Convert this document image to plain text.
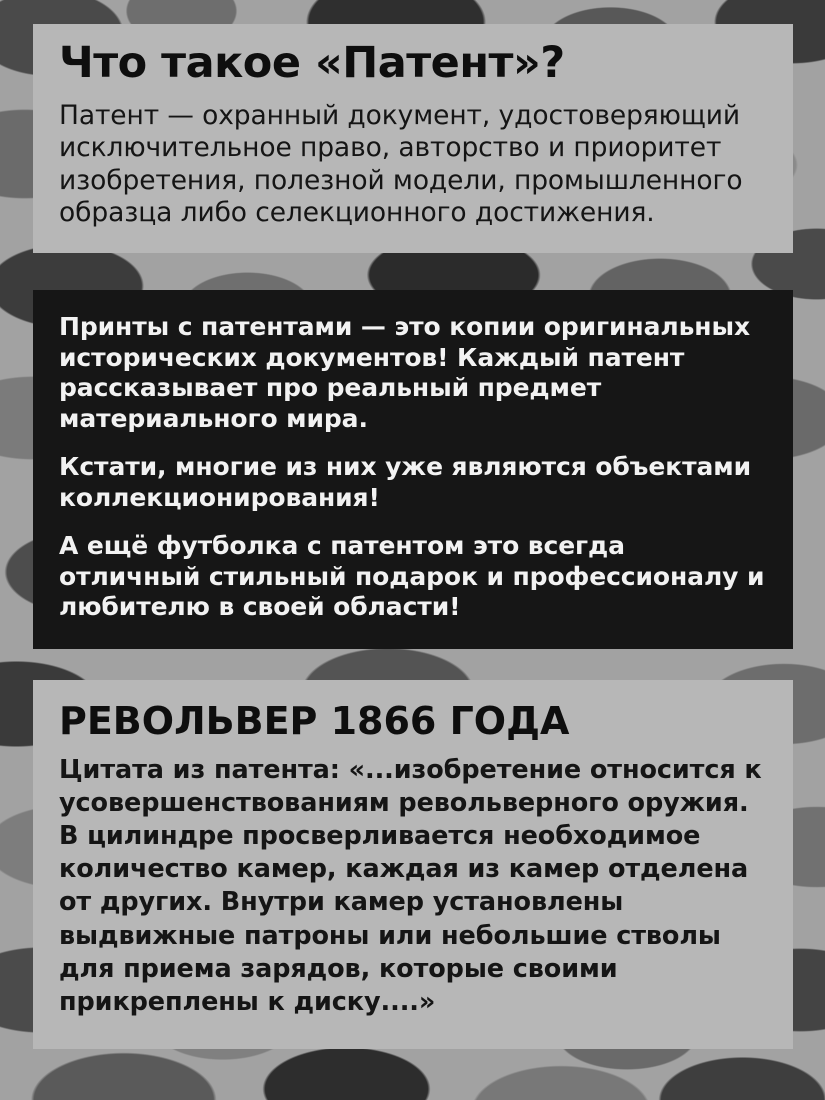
Что такое «Патент»?

Патент — охранный документ, удостоверяющий исключительное право, авторство и приоритет изобретения, полезной модели, промышленного образца либо селекционного достижения.

Принты с патентами — это копии оригинальных исторических документов! Каждый патент рассказывает про реальный предмет материального мира.

Кстати, многие из них уже являются объектами коллекционирования!

А ещё футболка с патентом это всегда отличный стильный подарок и профессионалу и любителю в своей области!

РЕВОЛЬВЕР 1866 ГОДА

Цитата из патента: «...изобретение относится к усовершенствованиям револьверного оружия. В цилиндре просверливается необходимое количество камер, каждая из камер отделена от других. Внутри камер установлены выдвижные патроны или небольшие стволы для приема зарядов, которые своими прикреплены к диску....»
